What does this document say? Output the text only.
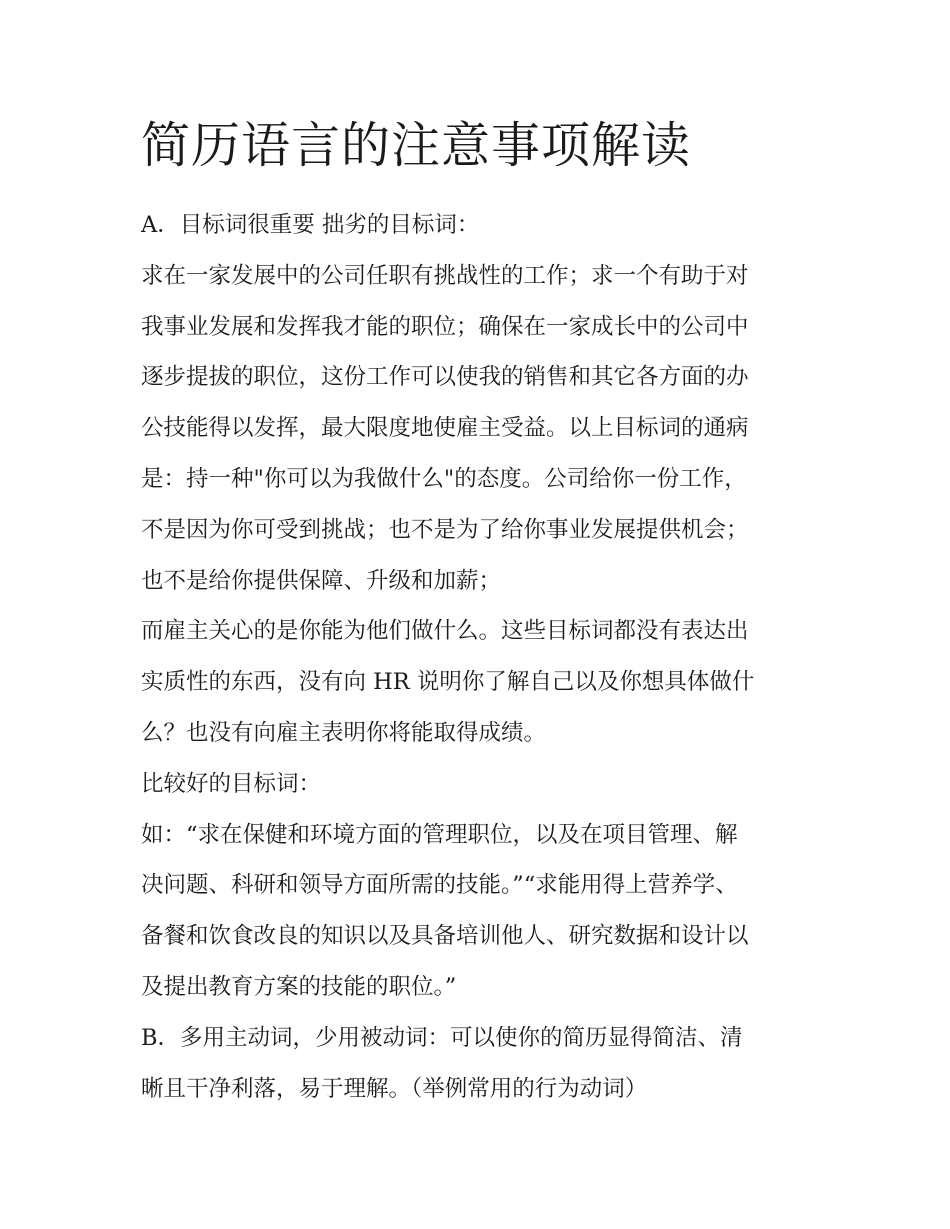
简历语言的注意事项解读
A．目标词很重要 拙劣的目标词：
求在一家发展中的公司任职有挑战性的工作；求一个有助于对
我事业发展和发挥我才能的职位；确保在一家成长中的公司中
逐步提拔的职位，这份工作可以使我的销售和其它各方面的办
公技能得以发挥，最大限度地使雇主受益。以上目标词的通病
是：持一种"你可以为我做什么"的态度。公司给你一份工作，
不是因为你可受到挑战；也不是为了给你事业发展提供机会；
也不是给你提供保障、升级和加薪；
而雇主关心的是你能为他们做什么。这些目标词都没有表达出
实质性的东西，没有向 HR 说明你了解自己以及你想具体做什
么？也没有向雇主表明你将能取得成绩。
比较好的目标词：
如：“求在保健和环境方面的管理职位，以及在项目管理、解
决问题、科研和领导方面所需的技能。”“求能用得上营养学、
备餐和饮食改良的知识以及具备培训他人、研究数据和设计以
及提出教育方案的技能的职位。”
B．多用主动词，少用被动词：可以使你的简历显得简洁、清
晰且干净利落，易于理解。（举例常用的行为动词）
